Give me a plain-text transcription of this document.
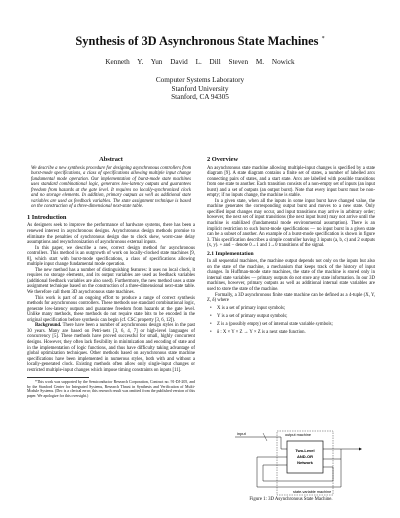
Synthesis of 3D Asynchronous State Machines *
Kenneth Y. Yun David L. Dill Steven M. Nowick
Computer Systems Laboratory
Stanford University
Stanford, CA 94305
Abstract

We describe a new synthesis procedure for designing asynchronous controllers from burst-mode specifications, a class of specifications allowing multiple input change fundamental mode operation. Our implementation of burst-mode state machines uses standard combinational logic, generates low-latency outputs and guarantees freedom from hazards at the gate level. It requires no locally-synchronized clock and no storage elements. In addition, primary outputs as well as additional state variables are used as feedback variables. The state assignment technique is based on the construction of a three-dimensional next-state table.

1 Introduction

As designers seek to improve the performance of hardware systems, there has been a renewed interest in asynchronous designs. Asynchronous design methods promise to eliminate the penalties of synchronous design due to clock skew, worst-case delay assumptions and resynchronization of asynchronous external inputs.

In this paper, we describe a new, correct design method for asynchronous controllers. This method is an outgrowth of work on locally-clocked state machines [9, 8], which start with burst-mode specifications, a class of specifications allowing multiple input change fundamental mode operation.

The new method has a number of distinguishing features: it uses no local clock, it requires no storage elements, and its output variables are used as feedback variables (additional feedback variables are also used). Furthermore, the new method uses a state assignment technique based on the construction of a three-dimensional next-state table. We therefore call them 3D asynchronous state machines.

This work is part of an ongoing effort to produce a range of correct synthesis methods for asynchronous controllers. These methods use standard combinational logic, generate low-latency outputs and guarantee freedom from hazards at the gate level. Unlike many methods, these methods do not require state bits to be encoded in the original specification before synthesis can begin (cf. CSC property [3, 6, 12]).

Background. There have been a number of asynchronous design styles in the past 30 years. Many are based on Petri-nets [3, 6, 4, 7] or high-level languages of concurrency [5]. These methods have proved successful for small, highly concurrent designs. However, they often lack flexibility in minimization and encoding of state and in the implementation of logic functions, and thus have difficulty taking advantage of global optimization techniques. Other methods based on asynchronous state machine specifications have been implemented in numerous styles, both with and without a locally-generated clock. Existing methods often allow only single-input changes or restricted multiple-input changes which impose timing constraints on inputs [11].

*This work was supported by the Semiconductor Research Corporation, Contract no. 91-DJ-205, and by the Stanford Center for Integrated Systems, Research Thrust in Synthesis and Verification of Multi-Module Systems. (Dec is a clerical error; this research result was omitted from the published version of this paper. We apologize for this oversight.)

2 Overview

An asynchronous state machine allowing multiple-input changes is specified by a state diagram [9]. A state diagram contains a finite set of states, a number of labelled arcs connecting pairs of states, and a start state. Arcs are labelled with possible transitions from one state to another. Each transition consists of a non-empty set of inputs (an input burst) and a set of outputs (an output burst). Note that every input burst must be non-empty; if no inputs change, the machine is stable.

In a given state, when all the inputs in some input burst have changed value, the machine generates the corresponding output burst and moves to a new state. Only specified input changes may occur, and input transitions may arrive in arbitrary order; however, the next set of input transitions (the next input burst) may not arrive until the machine is stabilized (fundamental mode environmental assumption). There is an implicit restriction to such burst-mode specifications — no input burst in a given state can be a subset of another. An example of a burst-mode specification is shown in figure 3. This specification describes a simple controller having 3 inputs (a, b, c) and 2 outputs (x, y). + and − denote 0→1 and 1→0 transitions of the signal.

2.1 Implementation

In all sequential machines, the machine output depends not only on the inputs but also on the state of the machine, a mechanism that keeps track of the history of input changes. In Huffman-mode state machines, the state of the machine is stored only in internal state variables — primary outputs do not store any state information. In our 3D machines, however, primary outputs as well as additional internal state variables are used to store the state of the machine.

Formally, a 3D asynchronous finite state machine can be defined as a 4-tuple (X, Y, Z, δ) where

• X is a set of primary input symbols;
• Y is a set of primary output symbols;
• Z is a (possibly empty) set of internal state variable symbols;
• δ : X × Y × Z → Y × Z is a next state function.
input	output machine
Two-Level
AND-OR
Network
state-variable machine
Figure 1: 3D Asynchronous State Machine.
